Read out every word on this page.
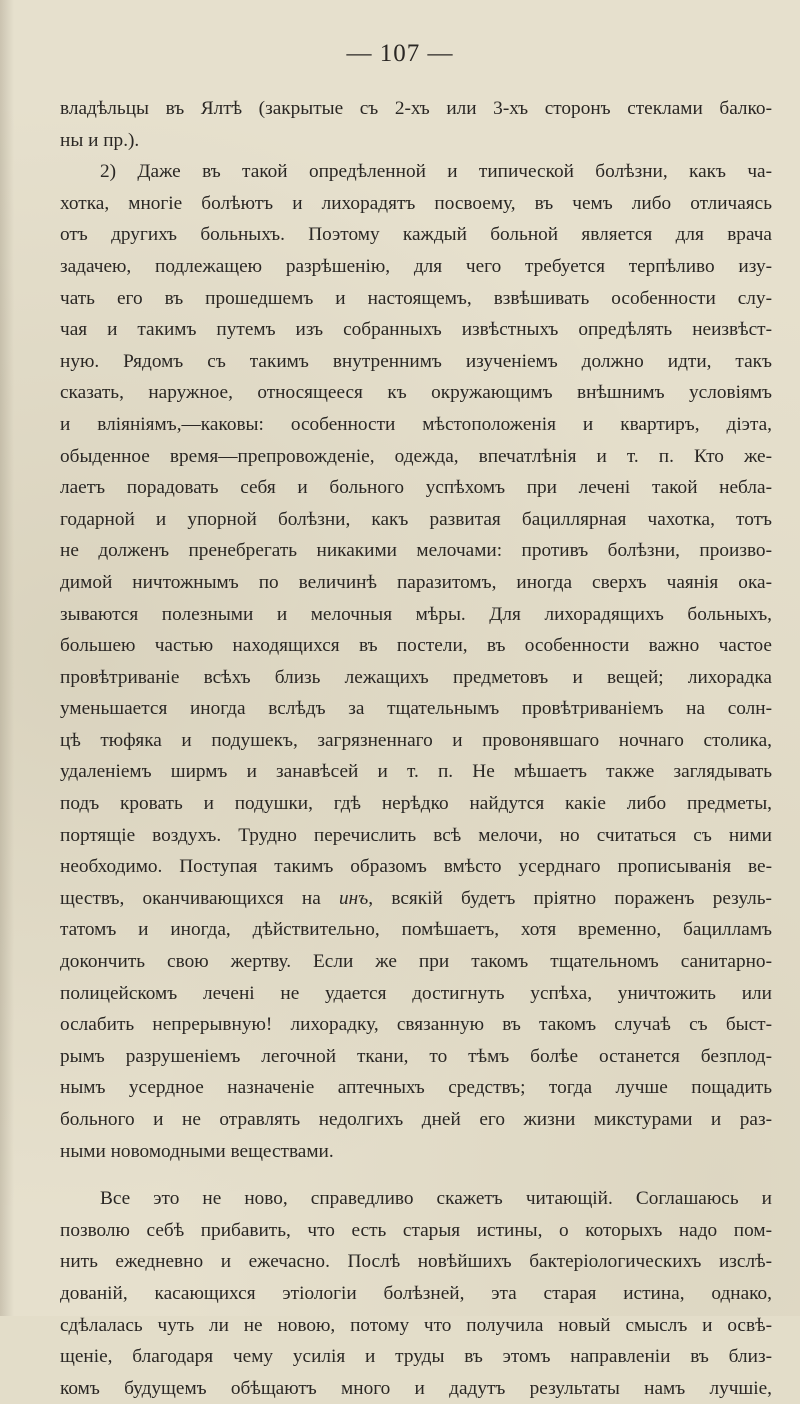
— 107 —
владѣльцы въ Ялтѣ (закрытые съ 2-хъ или 3-хъ сторонъ стеклами балко-
ны и пр.).
2) Даже въ такой опредѣленной и типической болѣзни, какъ ча-
хотка, многіе болѣютъ и лихорадятъ посвоему, въ чемъ либо отличаясь
отъ другихъ больныхъ. Поэтому каждый больной является для врача
задачею, подлежащею разрѣшенію, для чего требуется терпѣливо изу-
чать его въ прошедшемъ и настоящемъ, взвѣшивать особенности слу-
чая и такимъ путемъ изъ собранныхъ извѣстныхъ опредѣлять неизвѣст-
ную. Рядомъ съ такимъ внутреннимъ изученіемъ должно идти, такъ
сказать, наружное, относящееся къ окружающимъ внѣшнимъ условіямъ
и вліяніямъ,—каковы: особенности мѣстоположенія и квартиръ, діэта,
обыденное время—препровожденіе, одежда, впечатлѣнія и т. п. Кто же-
лаетъ порадовать себя и больного успѣхомъ при лечені такой небла-
годарной и упорной болѣзни, какъ развитая бациллярная чахотка, тотъ
не долженъ пренебрегать никакими мелочами: противъ болѣзни, произво-
димой ничтожнымъ по величинѣ паразитомъ, иногда сверхъ чаянія ока-
зываются полезными и мелочныя мѣры. Для лихорадящихъ больныхъ,
большею частью находящихся въ постели, въ особенности важно частое
провѣтриваніе всѣхъ близь лежащихъ предметовъ и вещей; лихорадка
уменьшается иногда вслѣдъ за тщательнымъ провѣтриваніемъ на солн-
цѣ тюфяка и подушекъ, загрязненнаго и провонявшаго ночнаго столика,
удаленіемъ ширмъ и занавѣсей и т. п. Не мѣшаетъ также заглядывать
подъ кровать и подушки, гдѣ нерѣдко найдутся какіе либо предметы,
портящіе воздухъ. Трудно перечислить всѣ мелочи, но считаться съ ними
необходимо. Поступая такимъ образомъ вмѣсто усерднаго прописыванія ве-
ществъ, оканчивающихся на инъ, всякій будетъ пріятно пораженъ резуль-
татомъ и иногда, дѣйствительно, помѣшаетъ, хотя временно, бацилламъ
докончить свою жертву. Если же при такомъ тщательномъ санитарно-
полицейскомъ лечені не удается достигнуть успѣха, уничтожить или
ослабить непрерывную! лихорадку, связанную въ такомъ случаѣ съ быст-
рымъ разрушеніемъ легочной ткани, то тѣмъ болѣе останется безплод-
нымъ усердное назначеніе аптечныхъ средствъ; тогда лучше пощадить
больного и не отравлять недолгихъ дней его жизни микстурами и раз-
ными новомодными веществами.
Все это не ново, справедливо скажетъ читающій. Соглашаюсь и
позволю себѣ прибавить, что есть старыя истины, о которыхъ надо пом-
нить ежедневно и ежечасно. Послѣ новѣйшихъ бактеріологическихъ изслѣ-
дованій, касающихся этіологіи болѣзней, эта старая истина, однако,
сдѣлалась чуть ли не новою, потому что получила новый смыслъ и освѣ-
щеніе, благодаря чему усилія и труды въ этомъ направленіи въ близ-
комъ будущемъ обѣщаютъ много и дадутъ результаты намъ лучшіе,
